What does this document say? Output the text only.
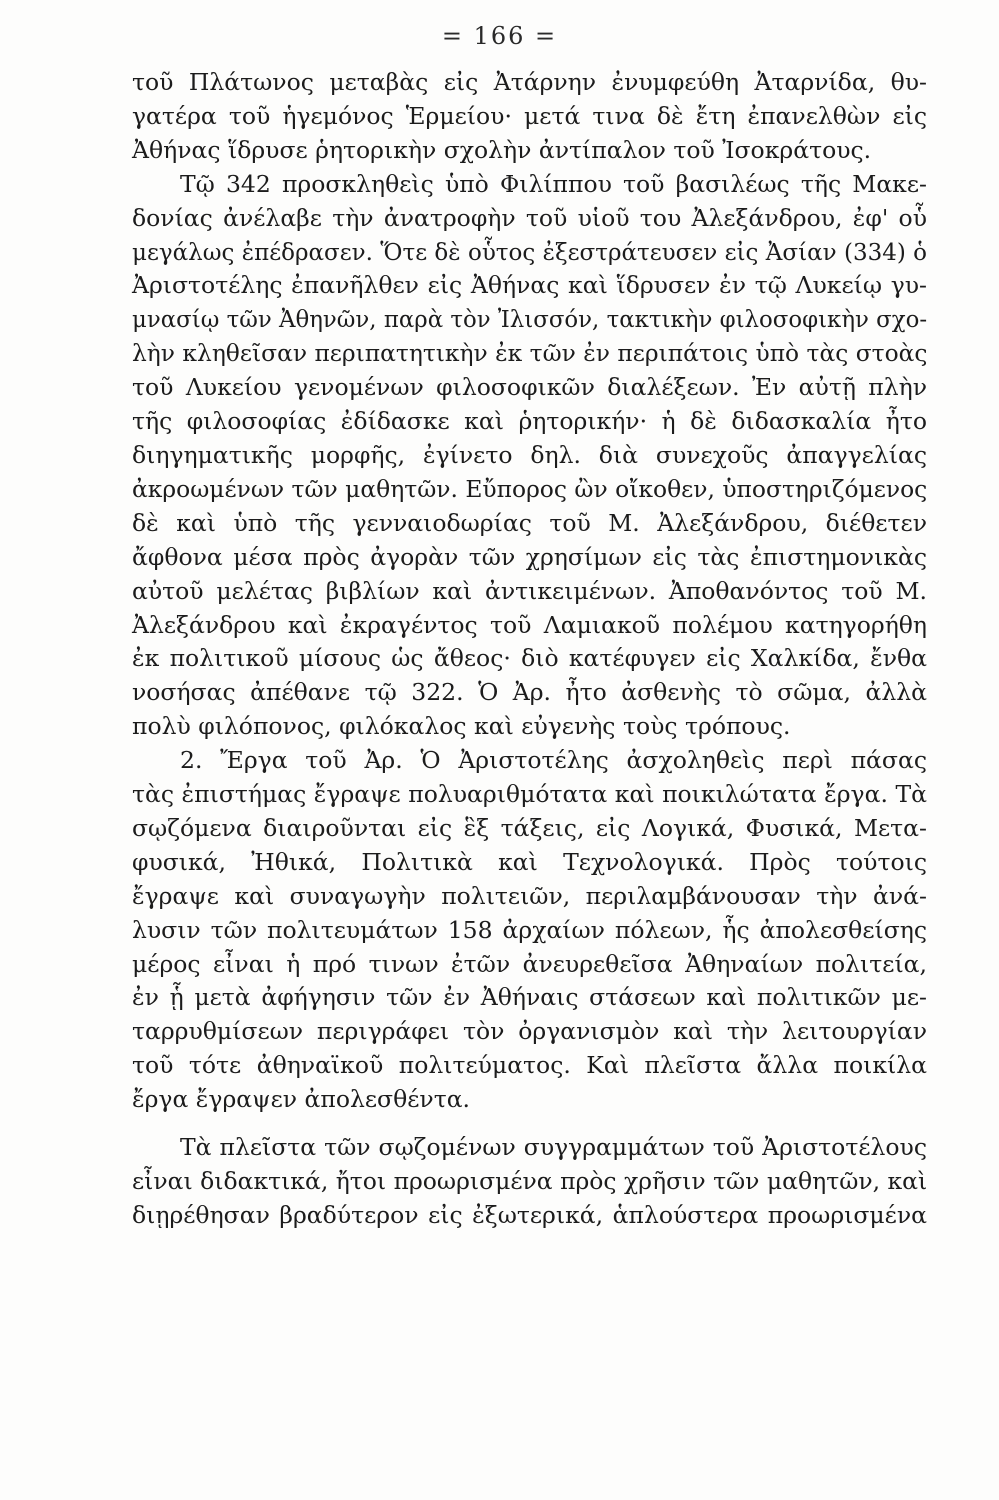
= 166 =
τοῦ Πλάτωνος μεταβὰς εἰς Ἀτάρνην ἐνυμφεύθη Ἀταρνίδα, θυ-
γατέρα τοῦ ἡγεμόνος Ἑρμείου· μετά τινα δὲ ἔτη ἐπανελθὼν εἰς
Ἀθήνας ἵδρυσε ῥητορικὴν σχολὴν ἀντίπαλον τοῦ Ἰσοκράτους.
Τῷ 342 προσκληθεὶς ὑπὸ Φιλίππου τοῦ βασιλέως τῆς Μακε-
δονίας ἀνέλαβε τὴν ἀνατροφὴν τοῦ υἱοῦ του Ἀλεξάνδρου, ἐφ' οὗ
μεγάλως ἐπέδρασεν. Ὅτε δὲ οὗτος ἐξεστράτευσεν εἰς Ἀσίαν (334) ὁ
Ἀριστοτέλης ἐπανῆλθεν εἰς Ἀθήνας καὶ ἵδρυσεν ἐν τῷ Λυκείῳ γυ-
μνασίῳ τῶν Ἀθηνῶν, παρὰ τὸν Ἰλισσόν, τακτικὴν φιλοσοφικὴν σχο-
λὴν κληθεῖσαν περιπατητικὴν ἐκ τῶν ἐν περιπάτοις ὑπὸ τὰς στοὰς
τοῦ Λυκείου γενομένων φιλοσοφικῶν διαλέξεων. Ἐν αὐτῇ πλὴν
τῆς φιλοσοφίας ἐδίδασκε καὶ ῥητορικήν· ἡ δὲ διδασκαλία ἦτο
διηγηματικῆς μορφῆς, ἐγίνετο δηλ. διὰ συνεχοῦς ἀπαγγελίας
ἀκροωμένων τῶν μαθητῶν. Εὔπορος ὢν οἴκοθεν, ὑποστηριζόμενος
δὲ καὶ ὑπὸ τῆς γενναιοδωρίας τοῦ Μ. Ἀλεξάνδρου, διέθετεν
ἄφθονα μέσα πρὸς ἀγορὰν τῶν χρησίμων εἰς τὰς ἐπιστημονικὰς
αὐτοῦ μελέτας βιβλίων καὶ ἀντικειμένων. Ἀποθανόντος τοῦ Μ.
Ἀλεξάνδρου καὶ ἐκραγέντος τοῦ Λαμιακοῦ πολέμου κατηγορήθη
ἐκ πολιτικοῦ μίσους ὡς ἄθεος· διὸ κατέφυγεν εἰς Χαλκίδα, ἔνθα
νοσήσας ἀπέθανε τῷ 322. Ὁ Ἀρ. ἦτο ἀσθενὴς τὸ σῶμα, ἀλλὰ
πολὺ φιλόπονος, φιλόκαλος καὶ εὐγενὴς τοὺς τρόπους.
2. Ἔργα τοῦ Ἀρ. Ὁ Ἀριστοτέλης ἀσχοληθεὶς περὶ πάσας
τὰς ἐπιστήμας ἔγραψε πολυαριθμότατα καὶ ποικιλώτατα ἔργα. Τὰ
σῳζόμενα διαιροῦνται εἰς ἓξ τάξεις, εἰς Λογικά, Φυσικά, Μετα-
φυσικά, Ἠθικά, Πολιτικὰ καὶ Τεχνολογικά. Πρὸς τούτοις
ἔγραψε καὶ συναγωγὴν πολιτειῶν, περιλαμβάνουσαν τὴν ἀνά-
λυσιν τῶν πολιτευμάτων 158 ἀρχαίων πόλεων, ἧς ἀπολεσθείσης
μέρος εἶναι ἡ πρό τινων ἐτῶν ἀνευρεθεῖσα Ἀθηναίων πολιτεία,
ἐν ᾗ μετὰ ἀφήγησιν τῶν ἐν Ἀθήναις στάσεων καὶ πολιτικῶν με-
ταρρυθμίσεων περιγράφει τὸν ὀργανισμὸν καὶ τὴν λειτουργίαν
τοῦ τότε ἀθηναϊκοῦ πολιτεύματος. Καὶ πλεῖστα ἄλλα ποικίλα
ἔργα ἔγραψεν ἀπολεσθέντα.
Τὰ πλεῖστα τῶν σῳζομένων συγγραμμάτων τοῦ Ἀριστοτέλους
εἶναι διδακτικά, ἤτοι προωρισμένα πρὸς χρῆσιν τῶν μαθητῶν, καὶ
διῃρέθησαν βραδύτερον εἰς ἐξωτερικά, ἁπλούστερα προωρισμένα
